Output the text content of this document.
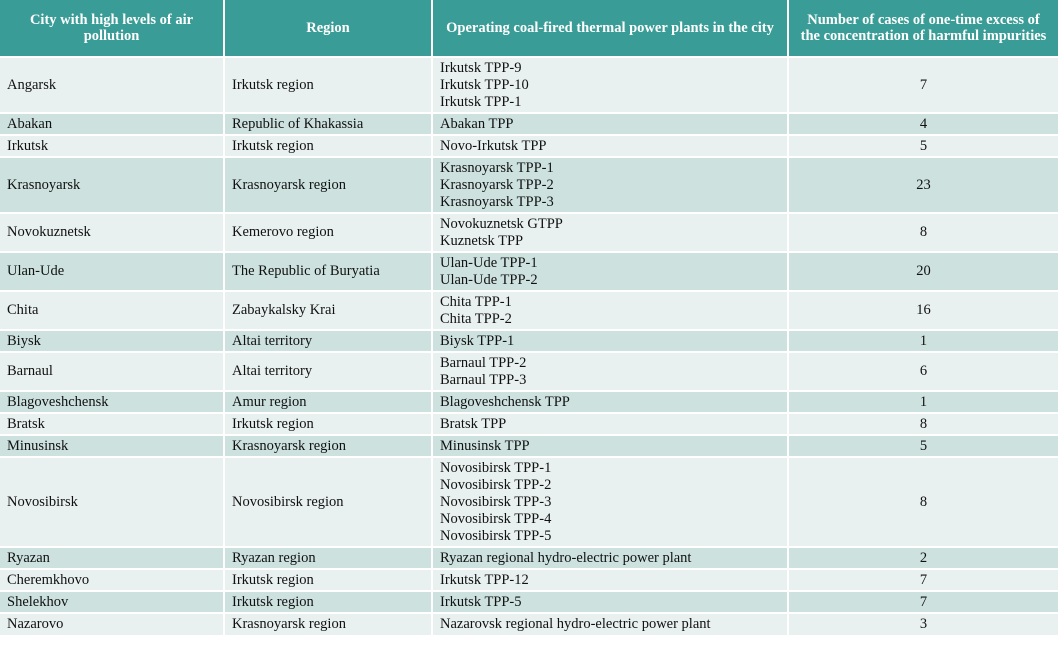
City with high levels of air pollution	Region	Operating coal-fired thermal power plants in the city	Number of cases of one-time excess of the concentration of harmful impurities
Angarsk	Irkutsk region	Irkutsk TPP-9
Irkutsk TPP-10
Irkutsk TPP-1	7
Abakan	Republic of Khakassia	Abakan TPP	4
Irkutsk	Irkutsk region	Novo-Irkutsk TPP	5
Krasnoyarsk	Krasnoyarsk region	Krasnoyarsk TPP-1
Krasnoyarsk TPP-2
Krasnoyarsk TPP-3	23
Novokuznetsk	Kemerovo region	Novokuznetsk GTPP
Kuznetsk TPP	8
Ulan-Ude	The Republic of Buryatia	Ulan-Ude TPP-1
Ulan-Ude TPP-2	20
Chita	Zabaykalsky Krai	Chita TPP-1
Chita TPP-2	16
Biysk	Altai territory	Biysk TPP-1	1
Barnaul	Altai territory	Barnaul TPP-2
Barnaul TPP-3	6
Blagoveshchensk	Amur region	Blagoveshchensk TPP	1
Bratsk	Irkutsk region	Bratsk TPP	8
Minusinsk	Krasnoyarsk region	Minusinsk TPP	5
Novosibirsk	Novosibirsk region	Novosibirsk TPP-1
Novosibirsk TPP-2
Novosibirsk TPP-3
Novosibirsk TPP-4
Novosibirsk TPP-5	8
Ryazan	Ryazan region	Ryazan regional hydro-electric power plant	2
Cheremkhovo	Irkutsk region	Irkutsk TPP-12	7
Shelekhov	Irkutsk region	Irkutsk TPP-5	7
Nazarovo	Krasnoyarsk region	Nazarovsk regional hydro-electric power plant	3
